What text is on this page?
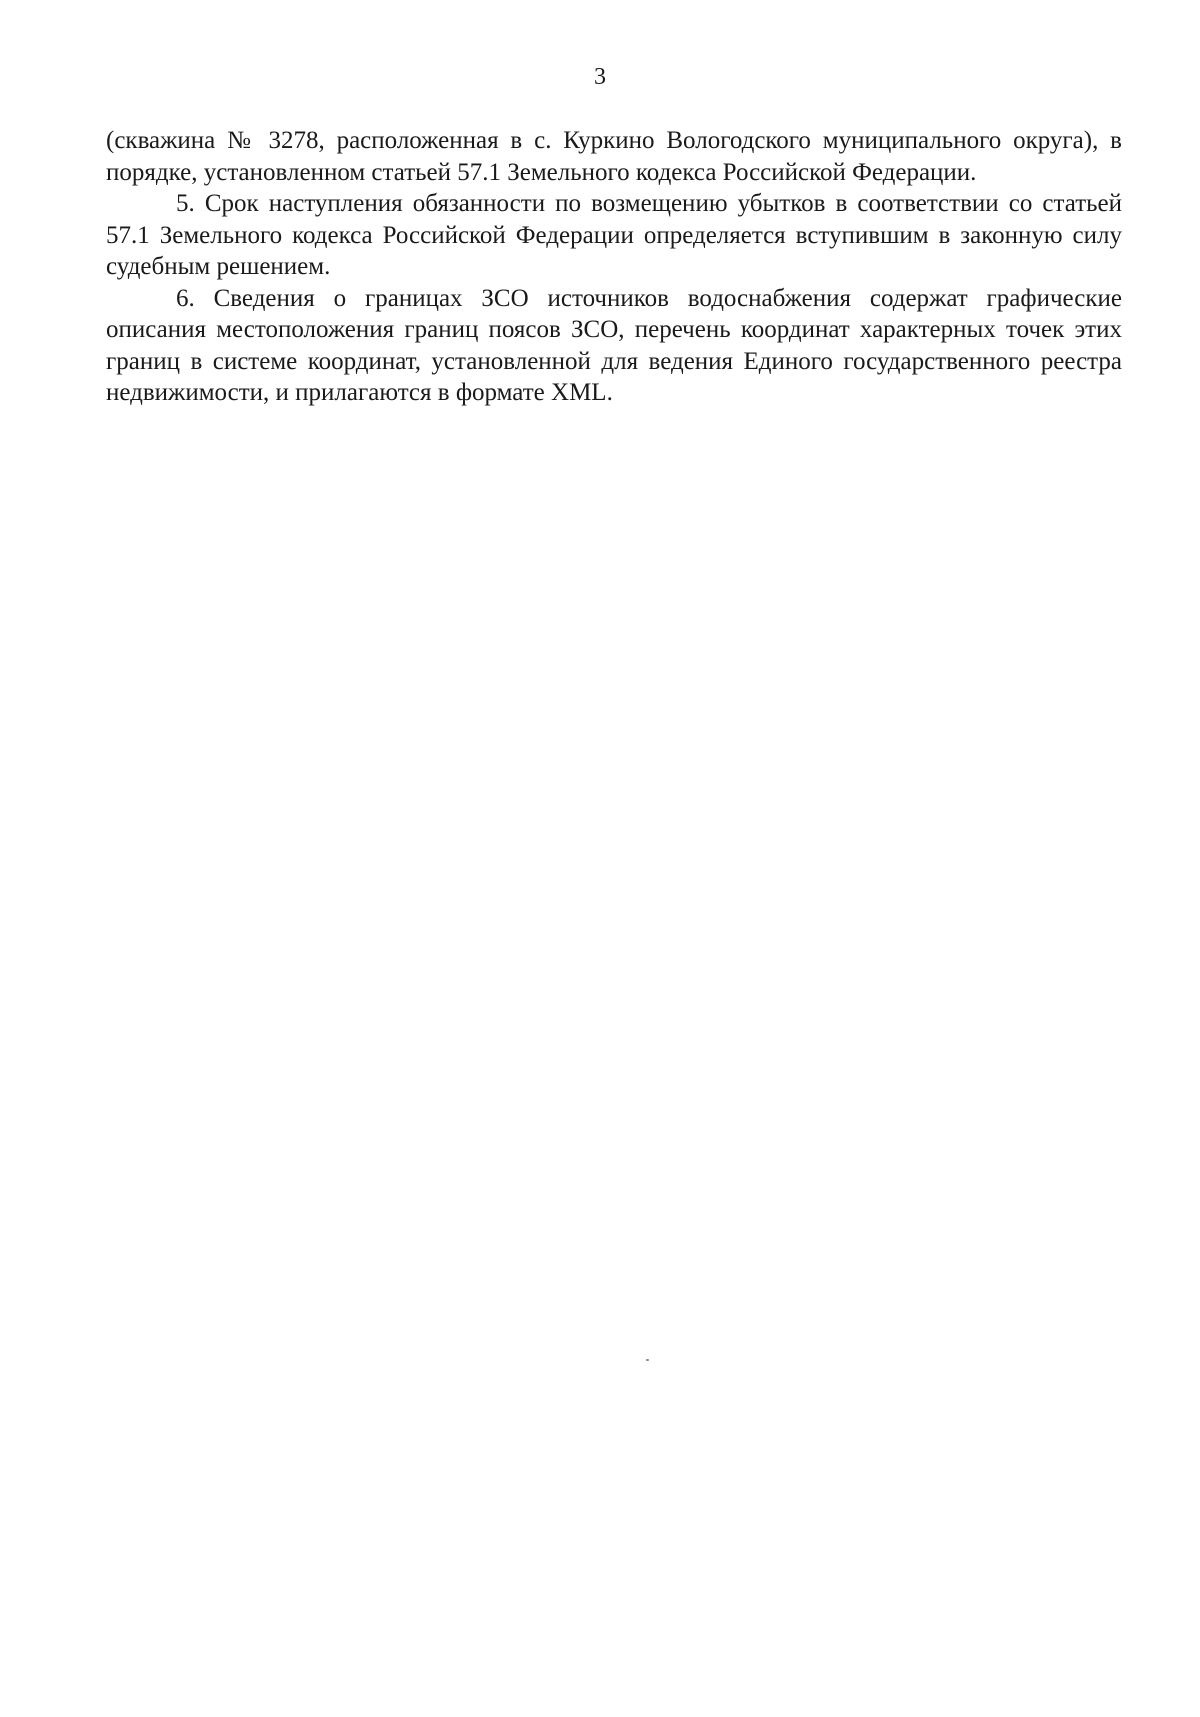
3

(скважина № 3278, расположенная в с. Куркино Вологодского муниципального округа), в порядке, установленном статьей 57.1 Земельного кодекса Российской Федерации.

5. Срок наступления обязанности по возмещению убытков в соответствии со статьей 57.1 Земельного кодекса Российской Федерации определяется вступившим в законную силу судебным решением.

6. Сведения о границах ЗСО источников водоснабжения содержат графические описания местоположения границ поясов ЗСО, перечень координат характерных точек этих границ в системе координат, установленной для ведения Единого государственного реестра недвижимости, и прилагаются в формате XML.
